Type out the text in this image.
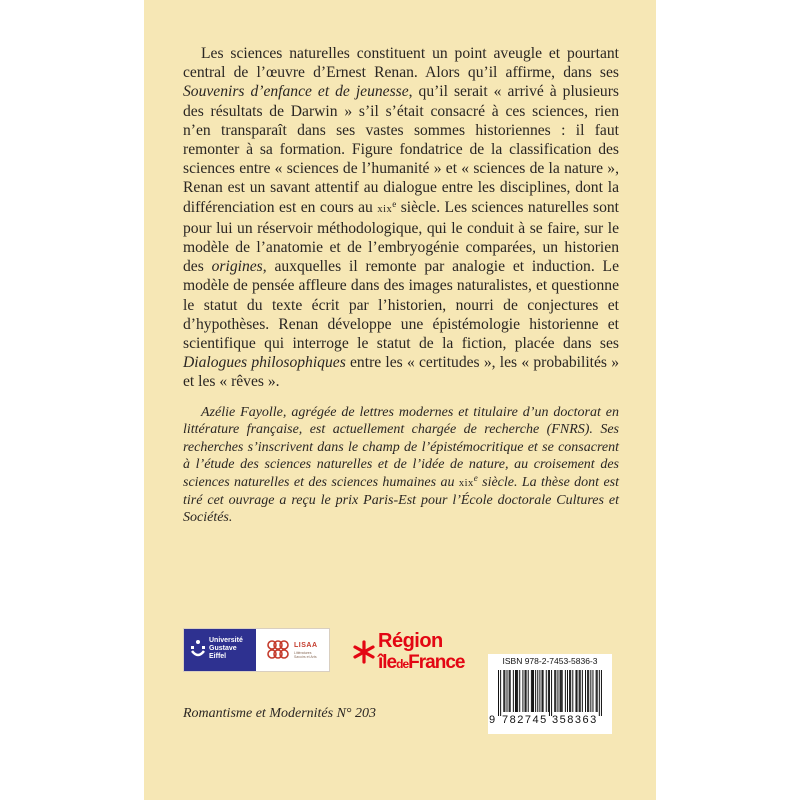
Les sciences naturelles constituent un point aveugle et pourtant central de l’œuvre d’Ernest Renan. Alors qu’il affirme, dans ses Souvenirs d’enfance et de jeunesse, qu’il serait « arrivé à plusieurs des résultats de Darwin » s’il s’était consacré à ces sciences, rien n’en transparaît dans ses vastes sommes historiennes : il faut remonter à sa formation. Figure fondatrice de la classification des sciences entre « sciences de l’humanité » et « sciences de la nature », Renan est un savant attentif au dialogue entre les disciplines, dont la différenciation est en cours au xix$^e$ siècle. Les sciences naturelles sont pour lui un réservoir méthodologique, qui le conduit à se faire, sur le modèle de l’anatomie et de l’embryogénie comparées, un historien des origines, auxquelles il remonte par analogie et induction. Le modèle de pensée affleure dans des images naturalistes, et questionne le statut du texte écrit par l’historien, nourri de conjectures et d’hypothèses. Renan développe une épistémologie historienne et scientifique qui interroge le statut de la fiction, placée dans ses Dialogues philosophiques entre les « certitudes », les « probabilités » et les « rêves ».

Azélie Fayolle, agrégée de lettres modernes et titulaire d’un doctorat en littérature française, est actuellement chargée de recherche (FNRS). Ses recherches s’inscrivent dans le champ de l’épistémocritique et se consacrent à l’étude des sciences naturelles et de l’idée de nature, au croisement des sciences naturelles et des sciences humaines au xix$^e$ siècle. La thèse dont est tiré cet ouvrage a reçu le prix Paris-Est pour l’École doctorale Cultures et Sociétés.

Université
Gustave
Eiffel
LISAA
Littératures Savoirs et Arts
Région
îledeFrance	ISBN 978-2-7453-5836-3
9 782745 358363
Romantisme et Modernités N° 203
